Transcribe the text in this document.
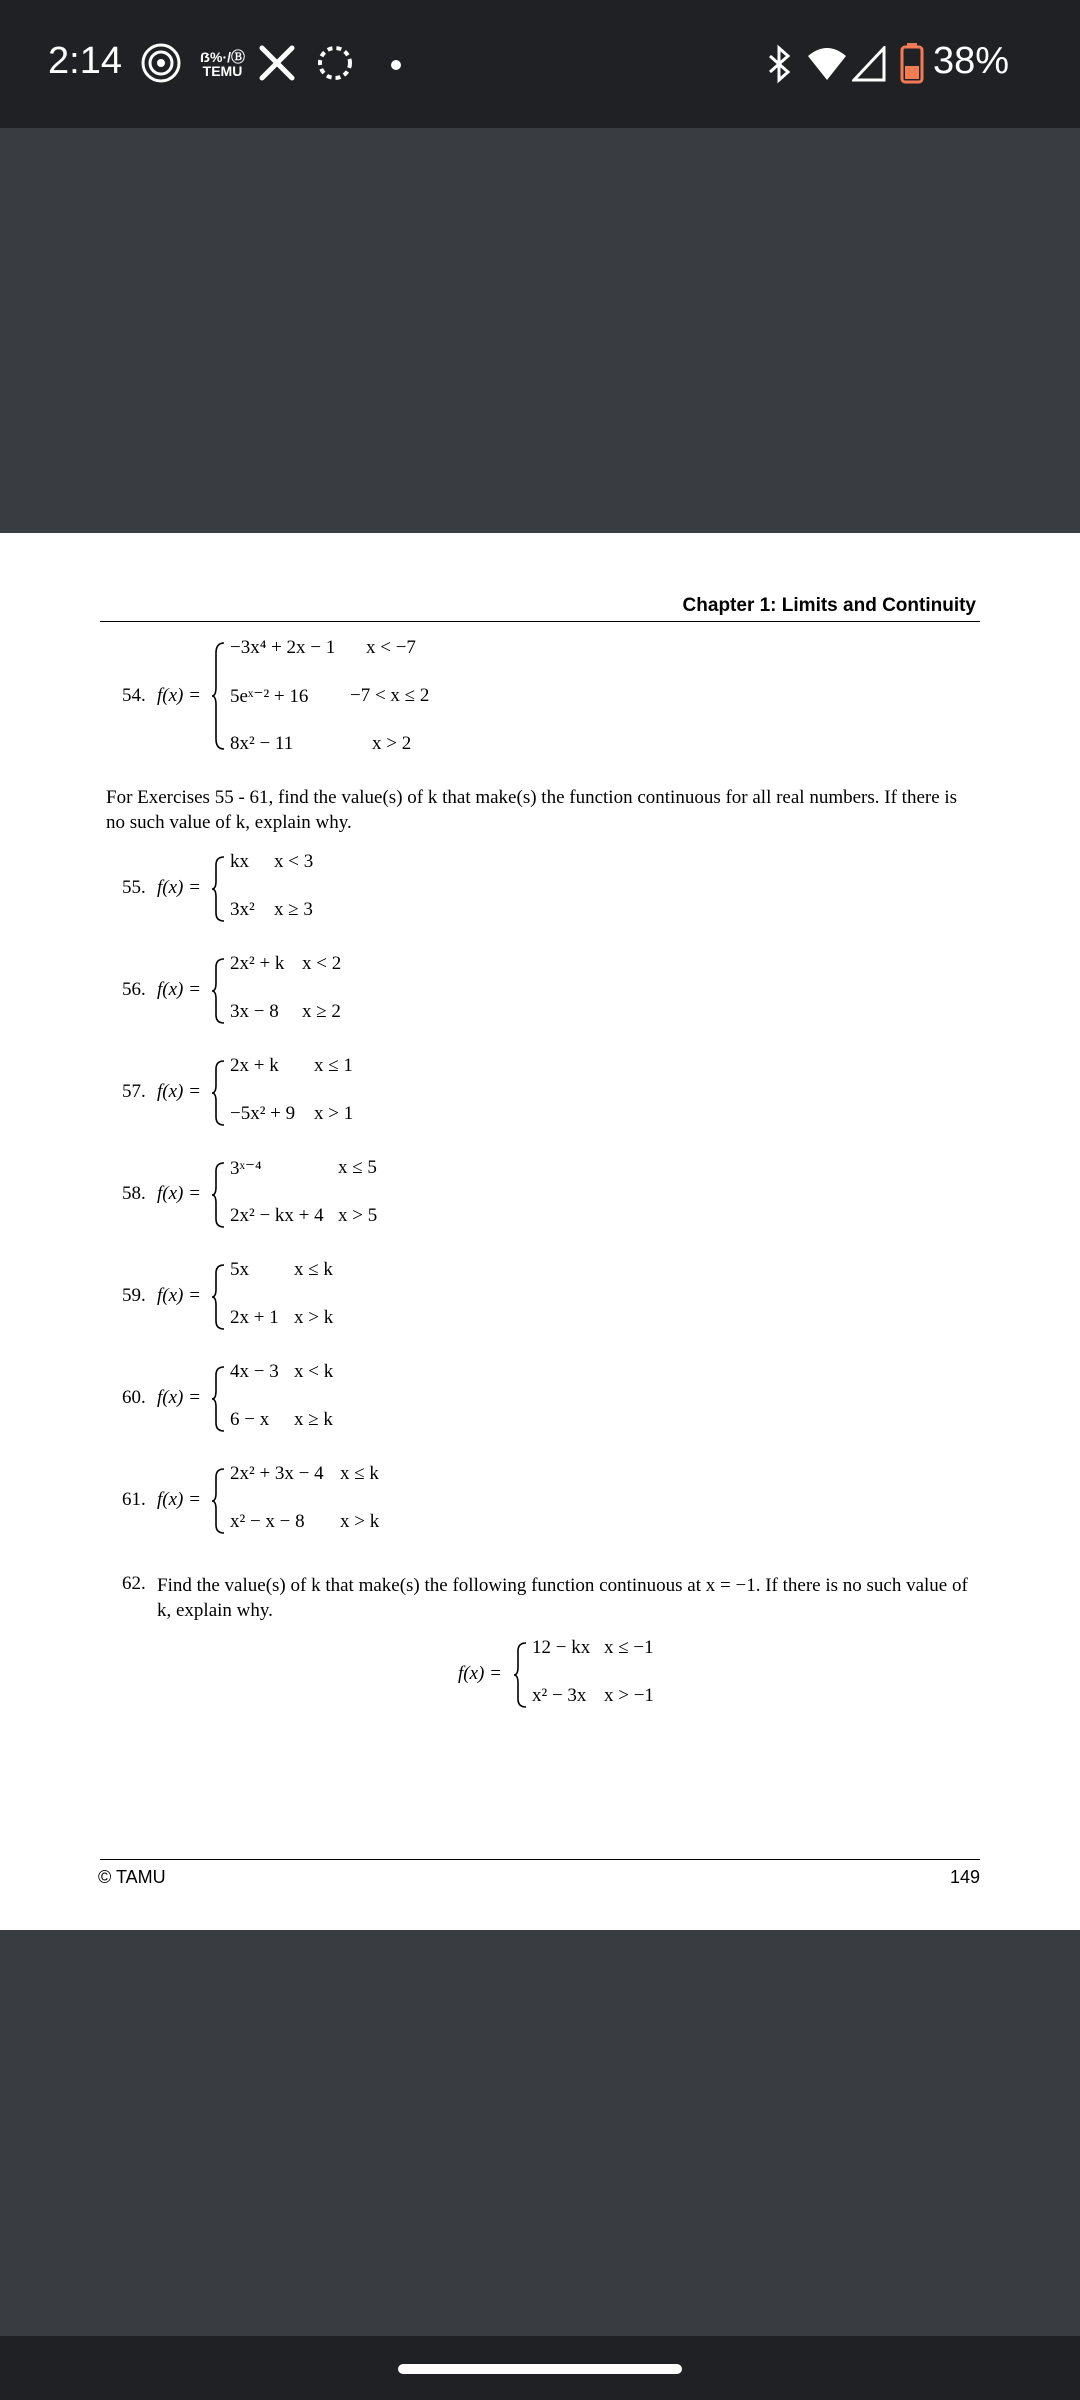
2:14	ẞ%·/Ⓑ
TEMU	38%
Chapter 1: Limits and Continuity
54. f(x) =
−3x⁴ + 2x − 1 x < −7
5eˣ⁻² + 16 −7 < x ≤ 2
8x² − 11	x > 2
For Exercises 55 - 61, find the value(s) of k that make(s) the function continuous for all real numbers. If there is no such value of k, explain why.
55. f(x) =
kx x < 3
3x² x ≥ 3
56. f(x) =
2x² + k x < 2
3x − 8 x ≥ 2
57. f(x) =
2x + k x ≤ 1
−5x² + 9 x > 1
58. f(x) =
3ˣ⁻⁴	x ≤ 5
2x² − kx + 4 x > 5
59. f(x) =
5x x ≤ k
2x + 1 x > k
60. f(x) =
4x − 3 x < k
6 − x x ≥ k
61. f(x) =
2x² + 3x − 4 x ≤ k
x² − x − 8 x > k
62. Find the value(s) of k that make(s) the following function continuous at x = −1. If there is no such value of k, explain why.
f(x) =
12 − kx x ≤ −1
x² − 3x x > −1
© TAMU	149
